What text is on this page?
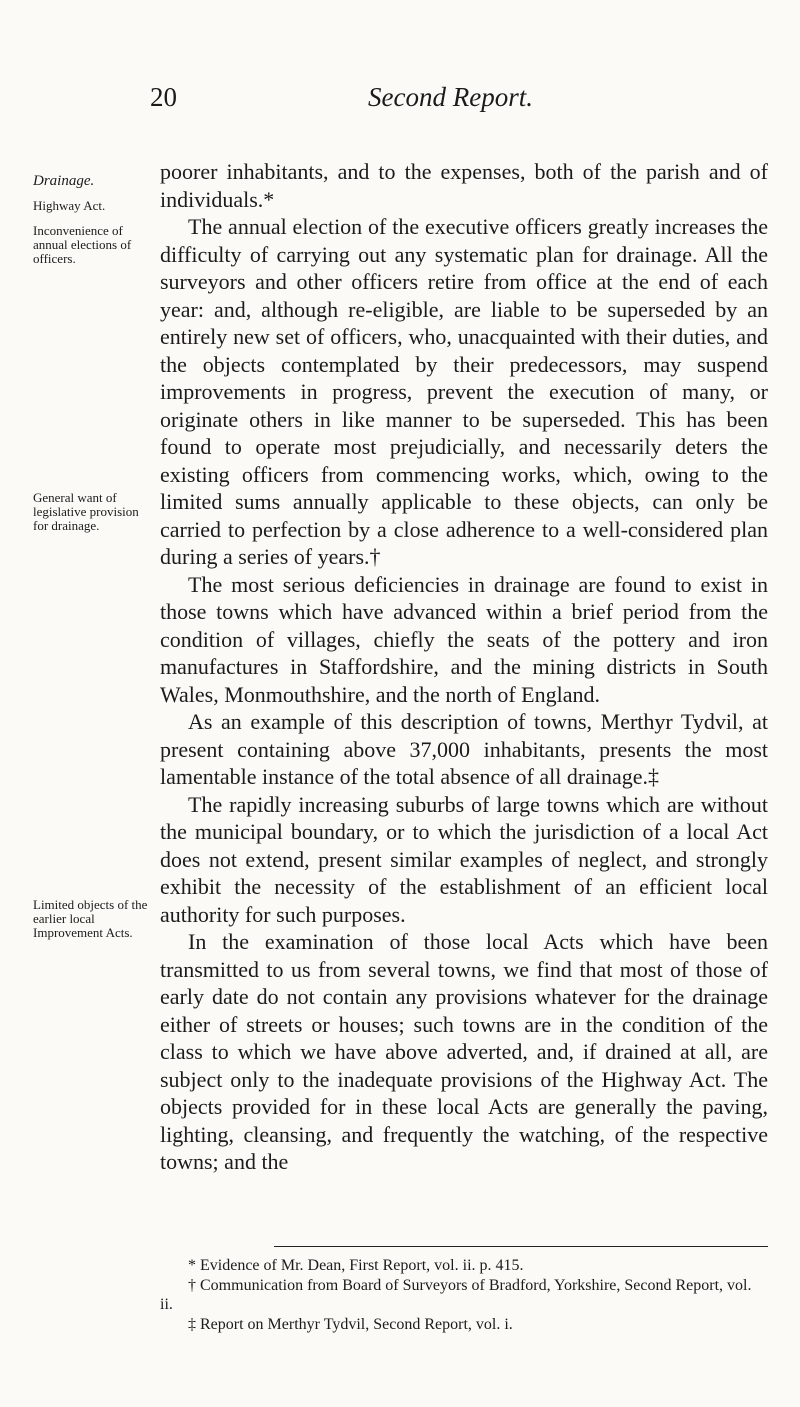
20	Second Report.
Drainage.
Highway Act.
Inconvenience of annual elections of officers.
General want of legislative provision for drainage.
Limited objects of the earlier local Improvement Acts.

poorer inhabitants, and to the expenses, both of the parish and of individuals.*

The annual election of the executive officers greatly increases the difficulty of carrying out any systematic plan for drainage. All the surveyors and other officers retire from office at the end of each year: and, although re-eligible, are liable to be superseded by an entirely new set of officers, who, unacquainted with their duties, and the objects contemplated by their predecessors, may suspend improvements in progress, prevent the execution of many, or originate others in like manner to be superseded. This has been found to operate most prejudicially, and necessarily deters the existing officers from commencing works, which, owing to the limited sums annually applicable to these objects, can only be carried to perfection by a close adherence to a well-considered plan during a series of years.†

The most serious deficiencies in drainage are found to exist in those towns which have advanced within a brief period from the condition of villages, chiefly the seats of the pottery and iron manufactures in Staffordshire, and the mining districts in South Wales, Monmouthshire, and the north of England.

As an example of this description of towns, Merthyr Tydvil, at present containing above 37,000 inhabitants, presents the most lamentable instance of the total absence of all drainage.‡

The rapidly increasing suburbs of large towns which are without the municipal boundary, or to which the jurisdiction of a local Act does not extend, present similar examples of neglect, and strongly exhibit the necessity of the establishment of an efficient local authority for such purposes.

In the examination of those local Acts which have been transmitted to us from several towns, we find that most of those of early date do not contain any provisions whatever for the drainage either of streets or houses; such towns are in the condition of the class to which we have above adverted, and, if drained at all, are subject only to the inadequate provisions of the Highway Act. The objects provided for in these local Acts are generally the paving, lighting, cleansing, and frequently the watching, of the respective towns; and the

* Evidence of Mr. Dean, First Report, vol. ii. p. 415.
† Communication from Board of Surveyors of Bradford, Yorkshire, Second Report, vol. ii.
‡ Report on Merthyr Tydvil, Second Report, vol. i.
